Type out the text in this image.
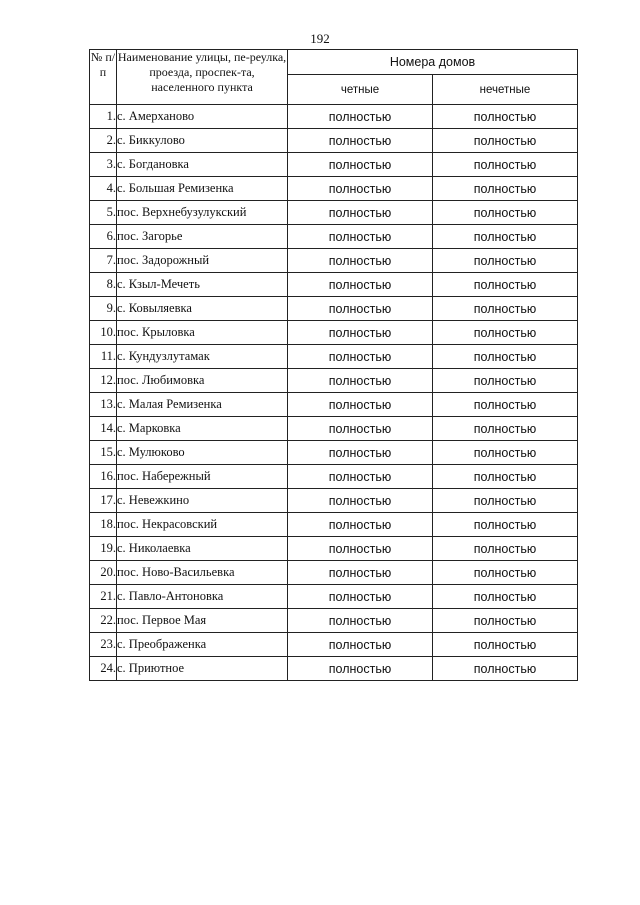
192
№ п/п	Наименование улицы, пе-реулка, проезда, проспек-та, населенного пункта	Номера домов	
		четные	нечетные
1.	с. Амерханово	полностью	полностью
2.	с. Биккулово	полностью	полностью
3.	с. Богдановка	полностью	полностью
4.	с. Большая Ремизенка	полностью	полностью
5.	пос. Верхнебузулукский	полностью	полностью
6.	пос. Загорье	полностью	полностью
7.	пос. Задорожный	полностью	полностью
8.	с. Кзыл-Мечеть	полностью	полностью
9.	с. Ковыляевка	полностью	полностью
10.	пос. Крыловка	полностью	полностью
11.	с. Кундузлутамак	полностью	полностью
12.	пос. Любимовка	полностью	полностью
13.	с. Малая Ремизенка	полностью	полностью
14.	с. Марковка	полностью	полностью
15.	с. Мулюково	полностью	полностью
16.	пос. Набережный	полностью	полностью
17.	с. Невежкино	полностью	полностью
18.	пос. Некрасовский	полностью	полностью
19.	с. Николаевка	полностью	полностью
20.	пос. Ново-Васильевка	полностью	полностью
21.	с. Павло-Антоновка	полностью	полностью
22.	пос. Первое Мая	полностью	полностью
23.	с. Преображенка	полностью	полностью
24.	с. Приютное	полностью	полностью
